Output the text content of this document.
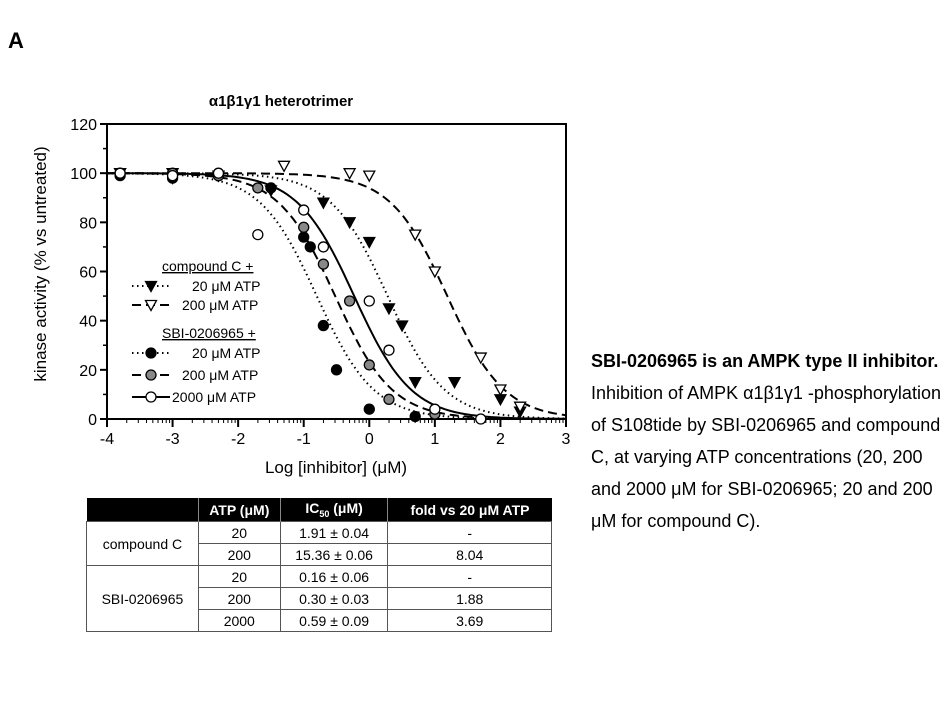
A
α1β1γ1 heterotrimer
Log [inhibitor] (μM)
kinase activity (% vs untreated)
0
20
40
60
80
100
120
-4	-3	-2	-1	0	1	2	3
compound C +
20 μM ATP
200 μM ATP
SBI-0206965 +
20 μM ATP
200 μM ATP
2000 μM ATP
	ATP (μM)	$IC_{50}$ (μM)	fold vs 20 μM ATP
compound C	20	1.91 ± 0.04	-
	200	15.36 ± 0.06	8.04
SBI-0206965	20	0.16 ± 0.06	-
	200	0.30 ± 0.03	1.88
	2000	0.59 ± 0.09	3.69
SBI-0206965 is an AMPK type II inhibitor.
Inhibition of AMPK α1β1γ1 -phosphorylation of S108tide by SBI-0206965 and compound C, at varying ATP concentrations (20, 200 and 2000 μM for SBI-0206965; 20 and 200 μM for compound C).
